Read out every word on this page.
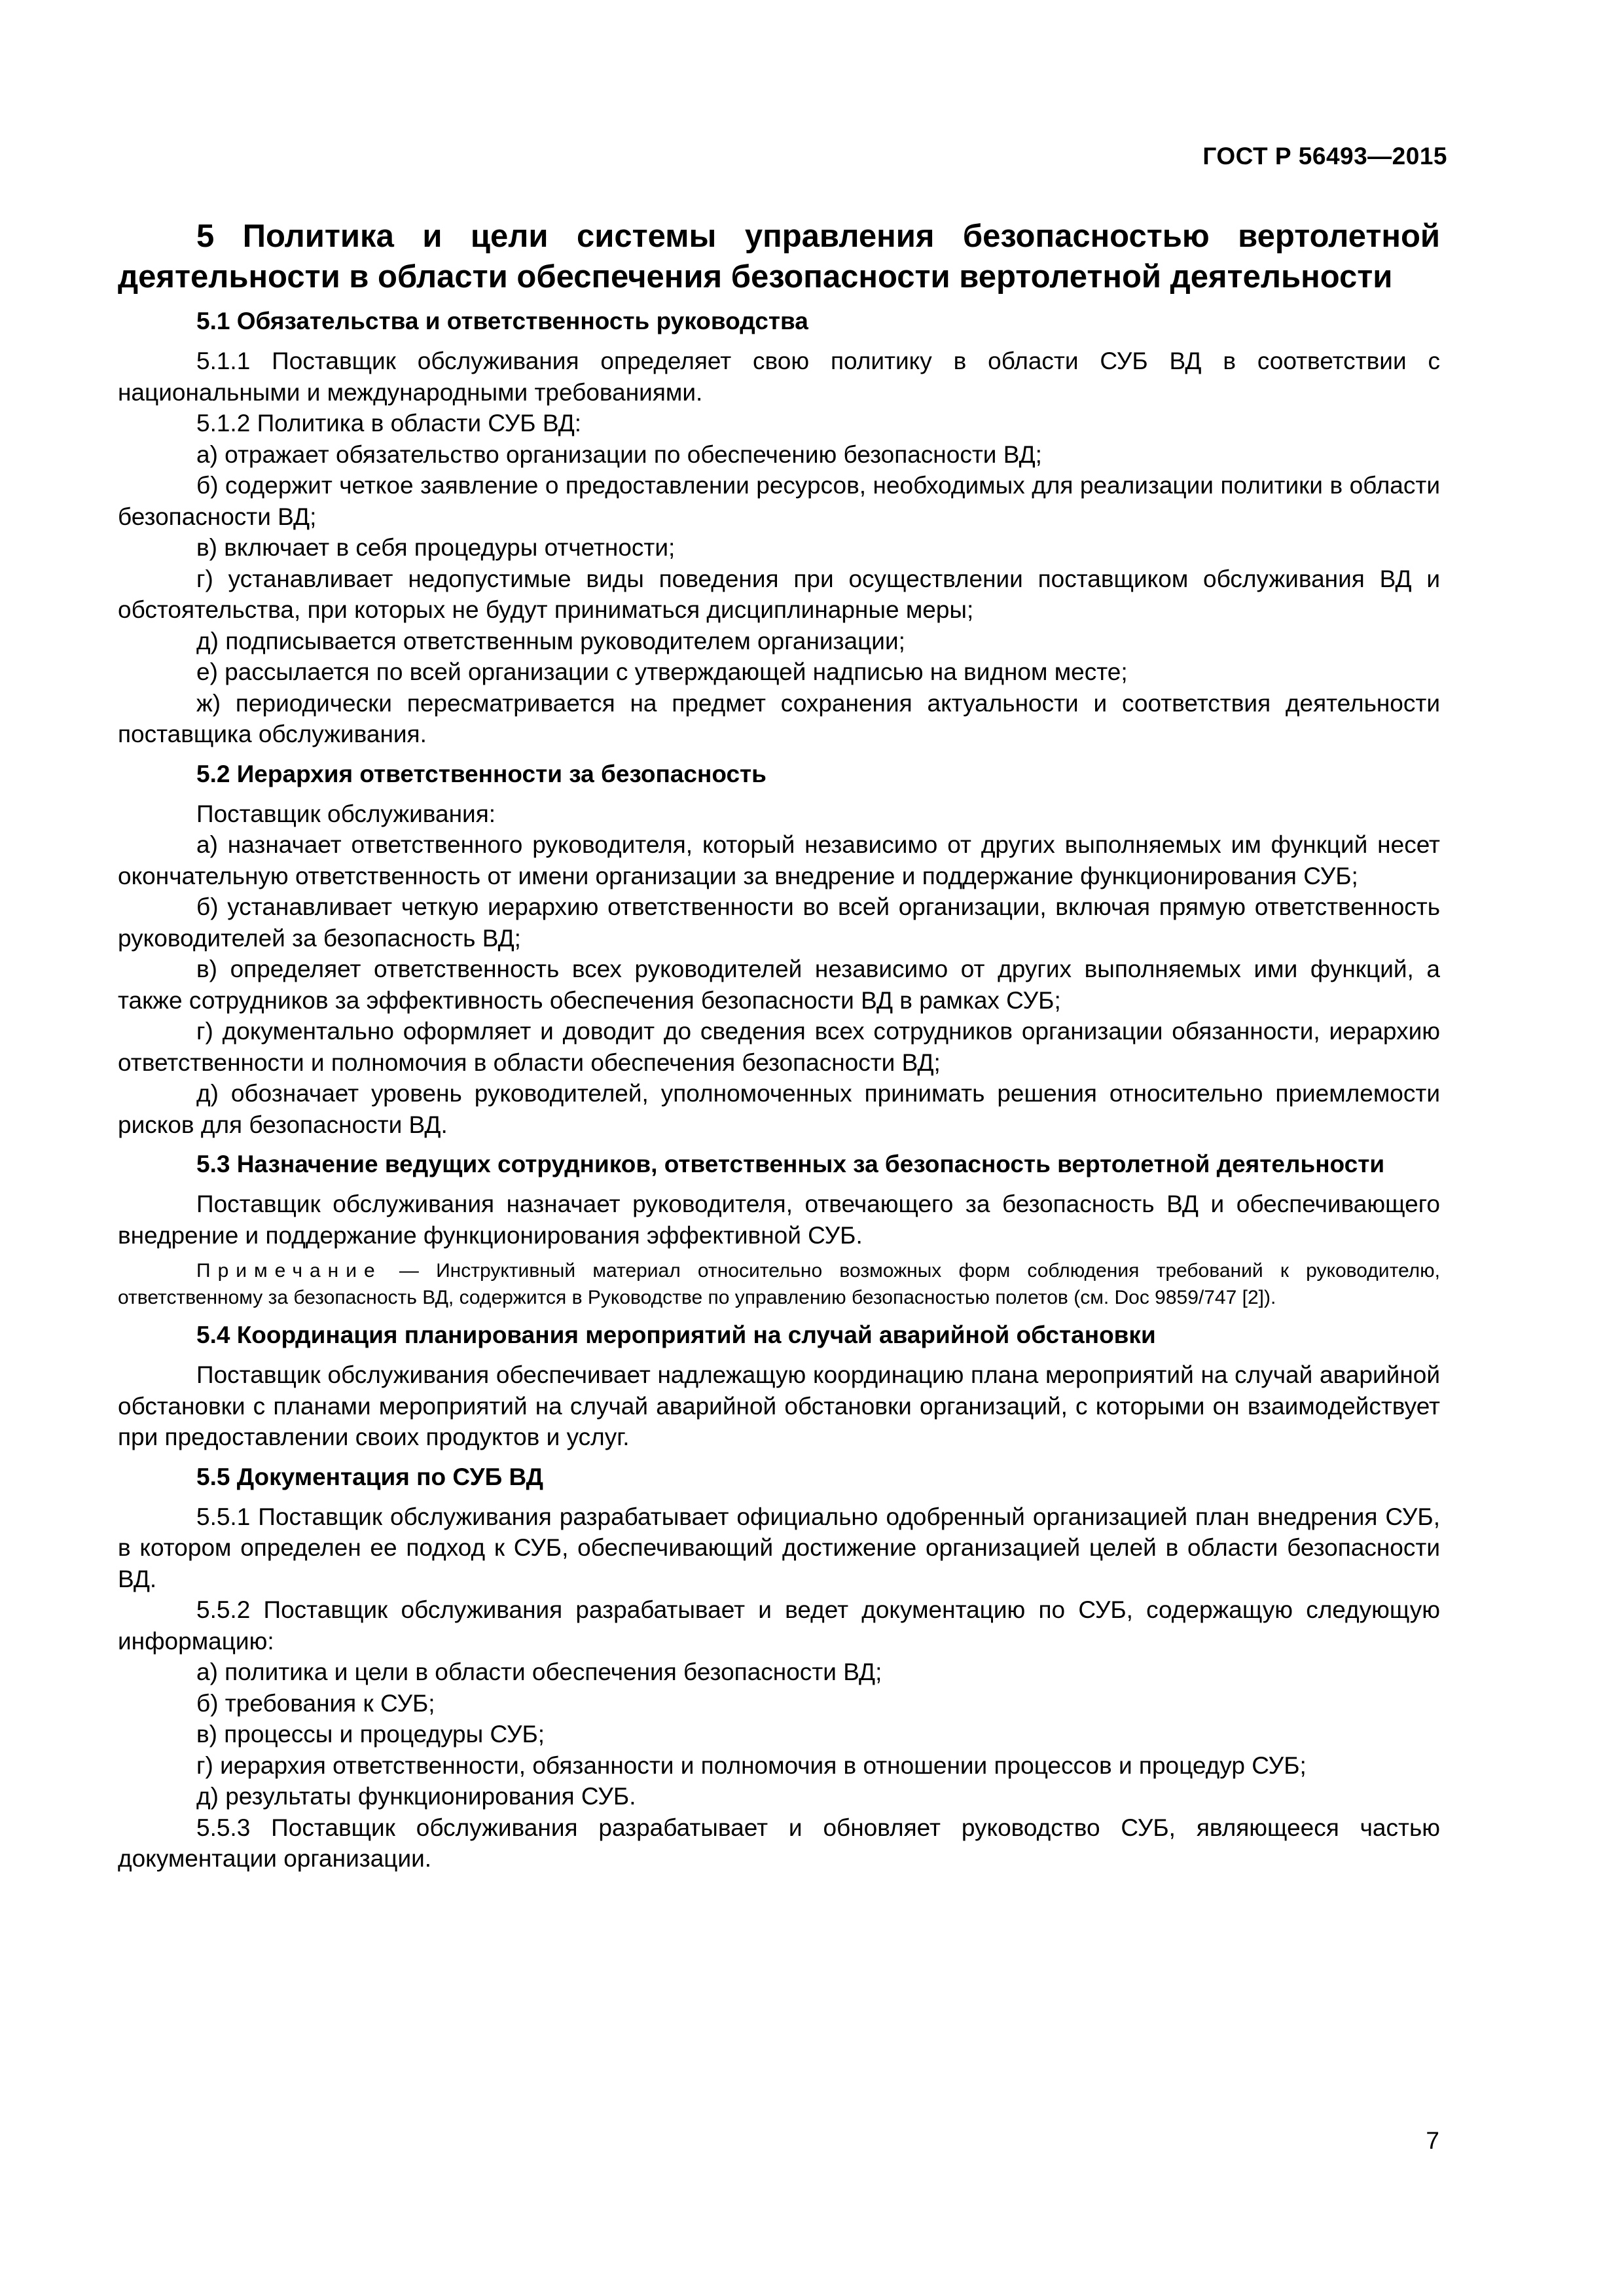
ГОСТ Р 56493—2015
5 Политика и цели системы управления безопасностью вертолетной деятельности в области обеспечения безопасности вертолетной деятельности
5.1 Обязательства и ответственность руководства

5.1.1 Поставщик обслуживания определяет свою политику в области СУБ ВД в соответствии с национальными и международными требованиями.

5.1.2 Политика в области СУБ ВД:

а) отражает обязательство организации по обеспечению безопасности ВД;

б) содержит четкое заявление о предоставлении ресурсов, необходимых для реализации политики в области безопасности ВД;

в) включает в себя процедуры отчетности;

г) устанавливает недопустимые виды поведения при осуществлении поставщиком обслуживания ВД и обстоятельства, при которых не будут приниматься дисциплинарные меры;

д) подписывается ответственным руководителем организации;

е) рассылается по всей организации с утверждающей надписью на видном месте;

ж) периодически пересматривается на предмет сохранения актуальности и соответствия деятельности поставщика обслуживания.

5.2 Иерархия ответственности за безопасность

Поставщик обслуживания:

а) назначает ответственного руководителя, который независимо от других выполняемых им функций несет окончательную ответственность от имени организации за внедрение и поддержание функционирования СУБ;

б) устанавливает четкую иерархию ответственности во всей организации, включая прямую ответственность руководителей за безопасность ВД;

в) определяет ответственность всех руководителей независимо от других выполняемых ими функций, а также сотрудников за эффективность обеспечения безопасности ВД в рамках СУБ;

г) документально оформляет и доводит до сведения всех сотрудников организации обязанности, иерархию ответственности и полномочия в области обеспечения безопасности ВД;

д) обозначает уровень руководителей, уполномоченных принимать решения относительно приемлемости рисков для безопасности ВД.

5.3 Назначение ведущих сотрудников, ответственных за безопасность вертолетной деятельности

Поставщик обслуживания назначает руководителя, отвечающего за безопасность ВД и обеспечивающего внедрение и поддержание функционирования эффективной СУБ.

Примечание — Инструктивный материал относительно возможных форм соблюдения требований к руководителю, ответственному за безопасность ВД, содержится в Руководстве по управлению безопасностью полетов (см. Doc 9859/747 [2]).

5.4 Координация планирования мероприятий на случай аварийной обстановки

Поставщик обслуживания обеспечивает надлежащую координацию плана мероприятий на случай аварийной обстановки с планами мероприятий на случай аварийной обстановки организаций, с которыми он взаимодействует при предоставлении своих продуктов и услуг.

5.5 Документация по СУБ ВД

5.5.1 Поставщик обслуживания разрабатывает официально одобренный организацией план внедрения СУБ, в котором определен ее подход к СУБ, обеспечивающий достижение организацией целей в области безопасности ВД.

5.5.2 Поставщик обслуживания разрабатывает и ведет документацию по СУБ, содержащую следующую информацию:

а) политика и цели в области обеспечения безопасности ВД;

б) требования к СУБ;

в) процессы и процедуры СУБ;

г) иерархия ответственности, обязанности и полномочия в отношении процессов и процедур СУБ;

д) результаты функционирования СУБ.

5.5.3 Поставщик обслуживания разрабатывает и обновляет руководство СУБ, являющееся частью документации организации.

7
